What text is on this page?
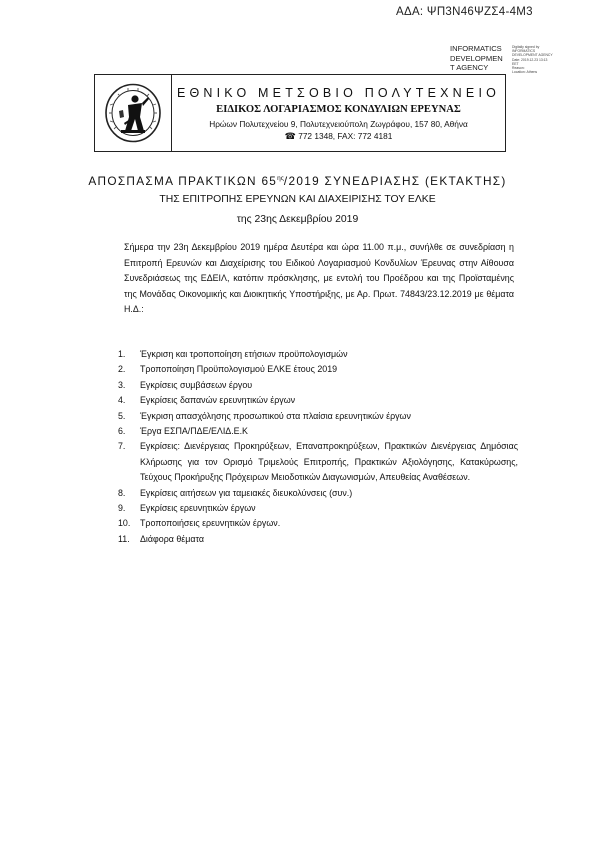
ΑΔΑ: ΨΠ3Ν46ΨΖΣ4-4Μ3
INFORMATICS
DEVELOPMEN
T AGENCY
Digitally signed by
INFORMATICS
DEVELOPMENT AGENCY
Date: 2019.12.23 13:13
EET
Reason:
Location: Athens
ΕΘΝΙΚΟ ΜΕΤΣΟΒΙΟ ΠΟΛΥΤΕΧΝΕΙΟ
ΕΙΔΙΚΟΣ ΛΟΓΑΡΙΑΣΜΟΣ ΚΟΝΔΥΛΙΩΝ ΕΡΕΥΝΑΣ
Ηρώων Πολυτεχνείου 9, Πολυτεχνειούπολη Ζωγράφου, 157 80, Αθήνα
☎ 772 1348, FAX: 772 4181
ΑΠΟΣΠΑΣΜΑ ΠΡΑΚΤΙΚΩΝ $65^{\eta\varsigma}/2019$ ΣΥΝΕΔΡΙΑΣΗΣ (ΕΚΤΑΚΤΗΣ)
ΤΗΣ ΕΠΙΤΡΟΠΗΣ ΕΡΕΥΝΩΝ ΚΑΙ ΔΙΑΧΕΙΡΙΣΗΣ ΤΟΥ ΕΛΚΕ
της 23ης Δεκεμβρίου 2019
Σήμερα την 23η Δεκεμβρίου 2019 ημέρα Δευτέρα και ώρα 11.00 π.μ., συνήλθε σε συνεδρίαση η Επιτροπή Ερευνών και Διαχείρισης του Ειδικού Λογαριασμού Κονδυλίων Έρευνας στην Αίθουσα Συνεδριάσεως της ΕΔΕΙΛ, κατόπιν πρόσκλησης, με εντολή του Προέδρου και της Προϊσταμένης της Μονάδας Οικονομικής και Διοικητικής Υποστήριξης, με Αρ. Πρωτ. 74843/23.12.2019 με θέματα Η.Δ.:
1. Έγκριση και τροποποίηση ετήσιων προϋπολογισμών
2. Τροποποίηση Προϋπολογισμού ΕΛΚΕ έτους 2019
3. Εγκρίσεις συμβάσεων έργου
4. Εγκρίσεις δαπανών ερευνητικών έργων
5. Έγκριση απασχόλησης προσωπικού στα πλαίσια ερευνητικών έργων
6. Έργα ΕΣΠΑ/ΠΔΕ/ΕΛΙΔ.Ε.Κ
7. Εγκρίσεις: Διενέργειας Προκηρύξεων, Επαναπροκηρύξεων, Πρακτικών Διενέργειας Δημόσιας Κλήρωσης για τον Ορισμό Τριμελούς Επιτροπής, Πρακτικών Αξιολόγησης, Κατακύρωσης, Τεύχους Προκήρυξης Πρόχειρων Μειοδοτικών Διαγωνισμών, Απευθείας Αναθέσεων.
8. Εγκρίσεις αιτήσεων για ταμειακές διευκολύνσεις (συν.)
9. Εγκρίσεις ερευνητικών έργων
10. Τροποποιήσεις ερευνητικών έργων.
11. Διάφορα θέματα
